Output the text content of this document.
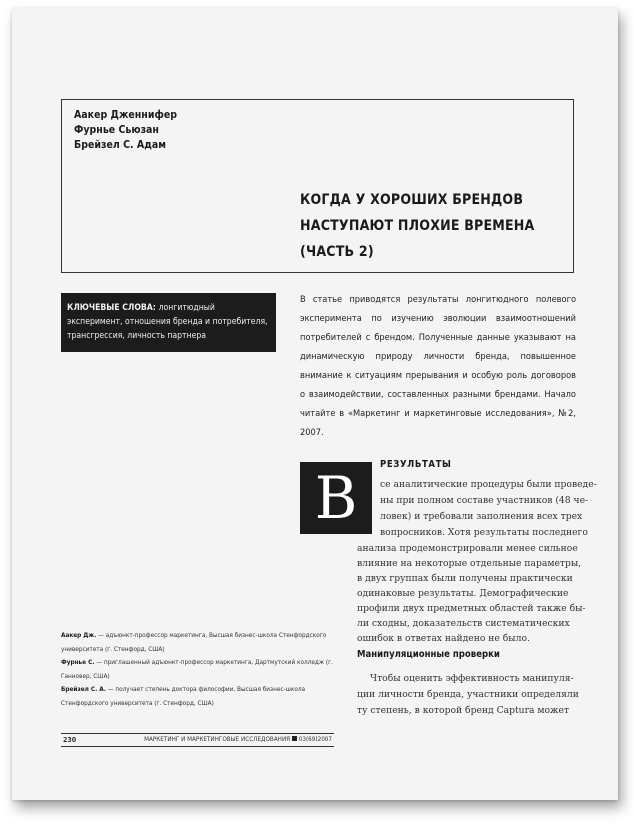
Аакер Дженнифер
Фурнье Сьюзан
Брейзел С. Адам
КОГДА У ХОРОШИХ БРЕНДОВ
НАСТУПАЮТ ПЛОХИЕ ВРЕМЕНА
(ЧАСТЬ 2)
КЛЮЧЕВЫЕ СЛОВА: лонгитюдный эксперимент, отношения бренда и потребителя, трансгрессия, личность партнера
В статье приводятся результаты лонгитюдного полевого эксперимента по изучению эволюции взаимоотношений потребителей с брендом. Полученные данные указывают на динамическую природу личности бренда, повышенное внимание к ситуациям прерывания и особую роль договоров о взаимодействии, составленных разными брендами. Начало читайте в «Маркетинг и маркетинговые исследования», №2, 2007.
В	РЕЗУЛЬТАТЫ
се аналитические процедуры были проведе-
ны при полном составе участников (48 че-
ловек) и требовали заполнения всех трех
вопросников. Хотя результаты последнего
анализа продемонстрировали менее сильное
влияние на некоторые отдельные параметры,
в двух группах были получены практически
одинаковые результаты. Демографические
профили двух предметных областей также бы-
ли сходны, доказательств систематических
ошибок в ответах найдено не было.
Манипуляционные проверки
Чтобы оценить эффективность манипуля-
ции личности бренда, участники определяли
ту степень, в которой бренд Captura может
Аакер Дж. — адъюнкт-профессор маркетинга, Высшая бизнес-школа Стенфордского университета (г. Стенфорд, США)
Фурнье С. — приглашенный адъюнкт-профессор маркетинга, Дартмутский колледж (г. Ганновер, США)
Брейзел С. А. — получает степень доктора философии, Высшая бизнес-школа Стенфордского университета (г. Стенфорд, США)
230	МАРКЕТИНГ И МАРКЕТИНГОВЫЕ ИССЛЕДОВАНИЯ 03(69)2007
